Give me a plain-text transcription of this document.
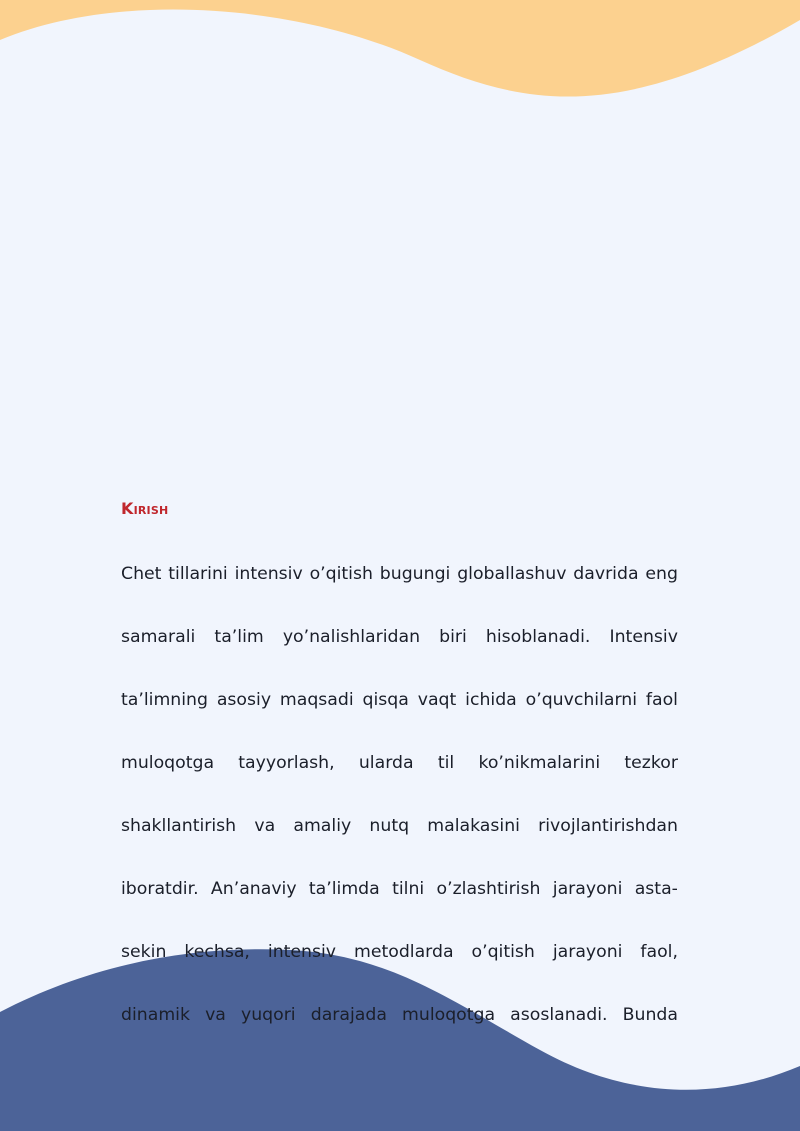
Kirish
Chet tillarini intensiv o’qitish bugungi globallashuv davrida eng
samarali ta’lim yo’nalishlaridan biri hisoblanadi. Intensiv
ta’limning asosiy maqsadi qisqa vaqt ichida o’quvchilarni faol
muloqotga tayyorlash, ularda til ko’nikmalarini tezkor
shakllantirish va amaliy nutq malakasini rivojlantirishdan
iboratdir. An’anaviy ta’limda tilni o’zlashtirish jarayoni asta-
sekin kechsa, intensiv metodlarda o’qitish jarayoni faol,
dinamik va yuqori darajada muloqotga asoslanadi. Bunda
